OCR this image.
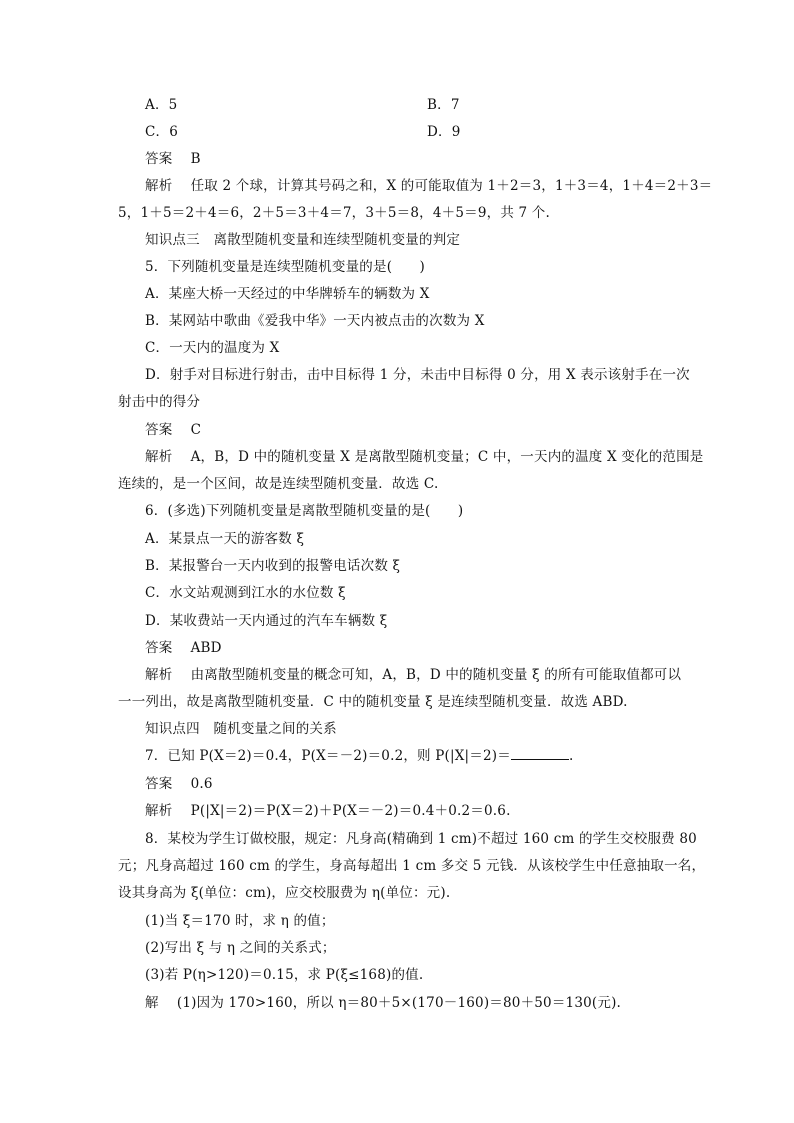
A．5	B．7
C．6	D．9
答案　 B
解析　 任取 2 个球，计算其号码之和，X 的可能取值为 1＋2＝3，1＋3＝4，1＋4＝2＋3＝
5，1＋5＝2＋4＝6，2＋5＝3＋4＝7，3＋5＝8，4＋5＝9，共 7 个.
知识点三　离散型随机变量和连续型随机变量的判定
5．下列随机变量是连续型随机变量的是(　　)
A．某座大桥一天经过的中华牌轿车的辆数为 X
B．某网站中歌曲《爱我中华》一天内被点击的次数为 X
C．一天内的温度为 X
D．射手对目标进行射击，击中目标得 1 分，未击中目标得 0 分，用 X 表示该射手在一次
射击中的得分
答案　 C
解析　 A，B，D 中的随机变量 X 是离散型随机变量；C 中，一天内的温度 X 变化的范围是
连续的，是一个区间，故是连续型随机变量．故选 C.
6．(多选)下列随机变量是离散型随机变量的是(　　)
A．某景点一天的游客数 ξ
B．某报警台一天内收到的报警电话次数 ξ
C．水文站观测到江水的水位数 ξ
D．某收费站一天内通过的汽车车辆数 ξ
答案　 ABD
解析　 由离散型随机变量的概念可知，A，B，D 中的随机变量 ξ 的所有可能取值都可以
一一列出，故是离散型随机变量．C 中的随机变量 ξ 是连续型随机变量．故选 ABD.
知识点四　随机变量之间的关系
7．已知 P(X＝2)＝0.4，P(X＝－2)＝0.2，则 P(|X|＝2)＝	.
答案　 0.6
解析　 P(|X|＝2)＝P(X＝2)＋P(X＝－2)＝0.4＋0.2＝0.6.
8．某校为学生订做校服，规定：凡身高(精确到 1 cm)不超过 160 cm 的学生交校服费 80
元；凡身高超过 160 cm 的学生，身高每超出 1 cm 多交 5 元钱．从该校学生中任意抽取一名，
设其身高为 ξ(单位：cm)，应交校服费为 η(单位：元).
(1)当 ξ＝170 时，求 η 的值；
(2)写出 ξ 与 η 之间的关系式；
(3)若 P(η>120)＝0.15，求 P(ξ≤168)的值.
解　 (1)因为 170>160，所以 η＝80＋5×(170－160)＝80＋50＝130(元).
